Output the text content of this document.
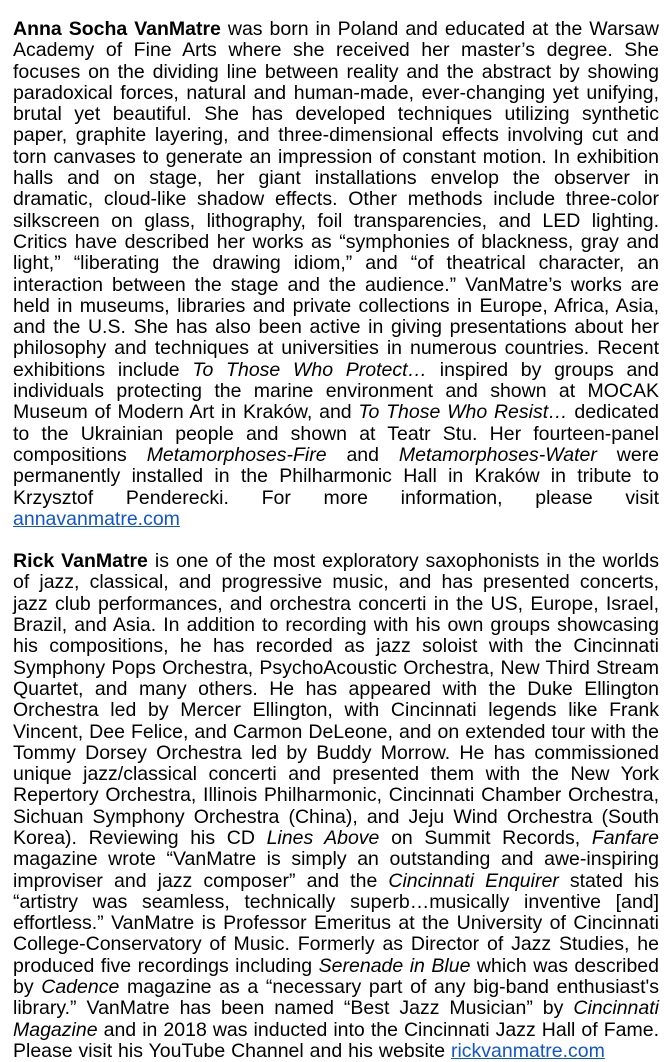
Anna Socha VanMatre was born in Poland and educated at the Warsaw Academy of Fine Arts where she received her master’s degree. She focuses on the dividing line between reality and the abstract by showing paradoxical forces, natural and human-made, ever-changing yet unifying, brutal yet beautiful. She has developed techniques utilizing synthetic paper, graphite layering, and three-dimensional effects involving cut and torn canvases to generate an impression of constant motion. In exhibition halls and on stage, her giant installations envelop the observer in dramatic, cloud-like shadow effects. Other methods include three-color silkscreen on glass, lithography, foil transparencies, and LED lighting. Critics have described her works as “symphonies of blackness, gray and light,” “liberating the drawing idiom,” and “of theatrical character, an interaction between the stage and the audience.” VanMatre’s works are held in museums, libraries and private collections in Europe, Africa, Asia, and the U.S. She has also been active in giving presentations about her philosophy and techniques at universities in numerous countries. Recent exhibitions include To Those Who Protect… inspired by groups and individuals protecting the marine environment and shown at MOCAK Museum of Modern Art in Kraków, and To Those Who Resist… dedicated to the Ukrainian people and shown at Teatr Stu. Her fourteen-panel compositions Metamorphoses-Fire and Metamorphoses-Water were permanently installed in the Philharmonic Hall in Kraków in tribute to Krzysztof Penderecki. For more information, please visit annavanmatre.com

Rick VanMatre is one of the most exploratory saxophonists in the worlds of jazz, classical, and progressive music, and has presented concerts, jazz club performances, and orchestra concerti in the US, Europe, Israel, Brazil, and Asia. In addition to recording with his own groups showcasing his compositions, he has recorded as jazz soloist with the Cincinnati Symphony Pops Orchestra, PsychoAcoustic Orchestra, New Third Stream Quartet, and many others. He has appeared with the Duke Ellington Orchestra led by Mercer Ellington, with Cincinnati legends like Frank Vincent, Dee Felice, and Carmon DeLeone, and on extended tour with the Tommy Dorsey Orchestra led by Buddy Morrow. He has commissioned unique jazz/classical concerti and presented them with the New York Repertory Orchestra, Illinois Philharmonic, Cincinnati Chamber Orchestra, Sichuan Symphony Orchestra (China), and Jeju Wind Orchestra (South Korea). Reviewing his CD Lines Above on Summit Records, Fanfare magazine wrote “VanMatre is simply an outstanding and awe-inspiring improviser and jazz composer” and the Cincinnati Enquirer stated his “artistry was seamless, technically superb…musically inventive [and] effortless.” VanMatre is Professor Emeritus at the University of Cincinnati College-Conservatory of Music. Formerly as Director of Jazz Studies, he produced five recordings including Serenade in Blue which was described by Cadence magazine as a “necessary part of any big-band enthusiast's library.” VanMatre has been named “Best Jazz Musician” by Cincinnati Magazine and in 2018 was inducted into the Cincinnati Jazz Hall of Fame. Please visit his YouTube Channel and his website rickvanmatre.com
